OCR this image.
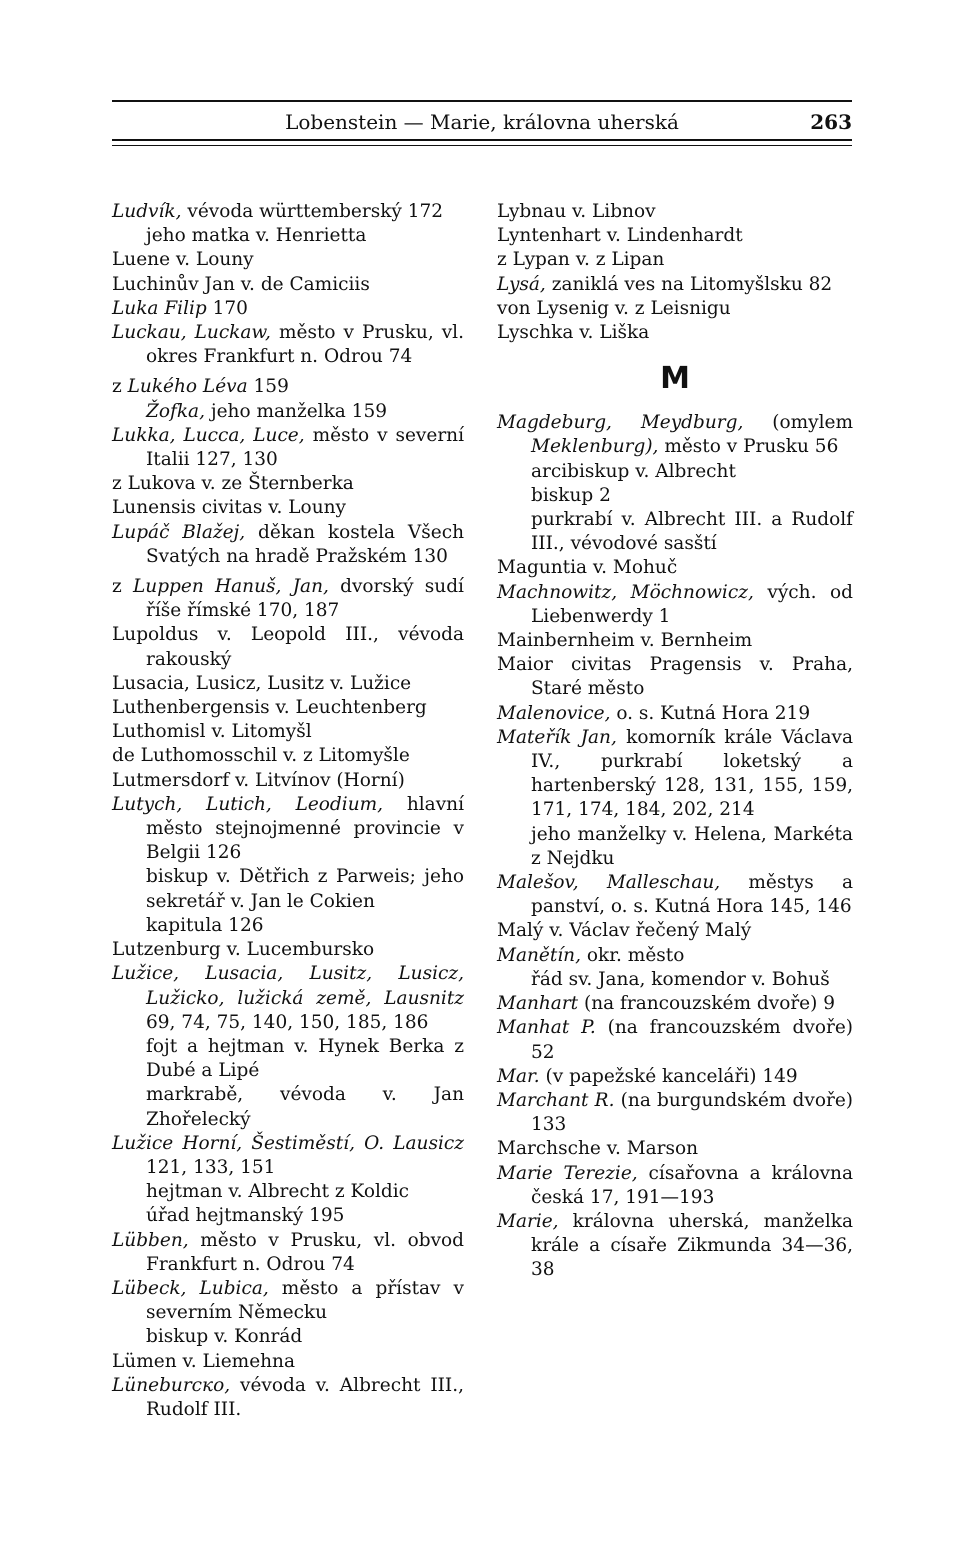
Lobenstein — Marie, královna uherská	263

Ludvík, vévoda württemberský 172

jeho matka v. Henrietta

Luene v. Louny

Luchinův Jan v. de Camiciis

Luka Filip 170

Luckau, Luckaw, město v Prusku, vl. okres Frankfurt n. Odrou 74

z Lukého Léva 159

Žofka, jeho manželka 159

Lukka, Lucca, Luce, město v severní Italii 127, 130

z Lukova v. ze Šternberka

Lunensis civitas v. Louny

Lupáč Blažej, děkan kostela Všech Svatých na hradě Pražském 130

z Luppen Hanuš, Jan, dvorský sudí říše římské 170, 187

Lupoldus v. Leopold III., vévoda rakouský

Lusacia, Lusicz, Lusitz v. Lužice

Luthenbergensis v. Leuchtenberg

Luthomisl v. Litomyšl

de Luthomosschil v. z Litomyšle

Lutmersdorf v. Litvínov (Horní)

Lutych, Lutich, Leodium, hlavní město stejnojmenné provincie v Belgii 126

biskup v. Dětřich z Parweis; jeho sekretář v. Jan le Cokien

kapitula 126

Lutzenburg v. Lucembursko

Lužice, Lusacia, Lusitz, Lusicz, Lužicko, lužická země, Lausnitz 69, 74, 75, 140, 150, 185, 186

fojt a hejtman v. Hynek Berka z Dubé a Lipé

markrabě, vévoda v. Jan Zhořelecký

Lužice Horní, Šestiměstí, O. Lausicz 121, 133, 151

hejtman v. Albrecht z Koldic

úřad hejtmanský 195

Lübben, město v Prusku, vl. obvod Frankfurt n. Odrou 74

Lübeck, Lubica, město a přístav v severním Německu

biskup v. Konrád

Lümen v. Liemehna

Lüneburско, vévoda v. Albrecht III., Rudolf III.

Lybnau v. Libnov

Lyntenhart v. Lindenhardt

z Lypan v. z Lipan

Lysá, zaniklá ves na Litomyšlsku 82

von Lysenig v. z Leisnigu

Lyschka v. Liška

M

Magdeburg, Meydburg, (omylem Meklenburg), město v Prusku 56

arcibiskup v. Albrecht

biskup 2

purkrabí v. Albrecht III. a Rudolf III., vévodové sasští

Maguntia v. Mohuč

Machnowitz, Möchnowicz, vých. od Liebenwerdy 1

Mainbernheim v. Bernheim

Maior civitas Pragensis v. Praha, Staré město

Malenovice, o. s. Kutná Hora 219

Mateřík Jan, komorník krále Václava IV., purkrabí loketský a hartenberský 128, 131, 155, 159, 171, 174, 184, 202, 214

jeho manželky v. Helena, Markéta z Nejdku

Malešov, Malleschau, městys a panství, o. s. Kutná Hora 145, 146

Malý v. Václav řečený Malý

Manětín, okr. město

řád sv. Jana, komendor v. Bohuš

Manhart (na francouzském dvoře) 9

Manhat P. (na francouzském dvoře) 52

Mar. (v papežské kanceláři) 149

Marchant R. (na burgundském dvoře) 133

Marchsche v. Marson

Marie Terezie, císařovna a královna česká 17, 191—193

Marie, královna uherská, manželka krále a císaře Zikmunda 34—36, 38
